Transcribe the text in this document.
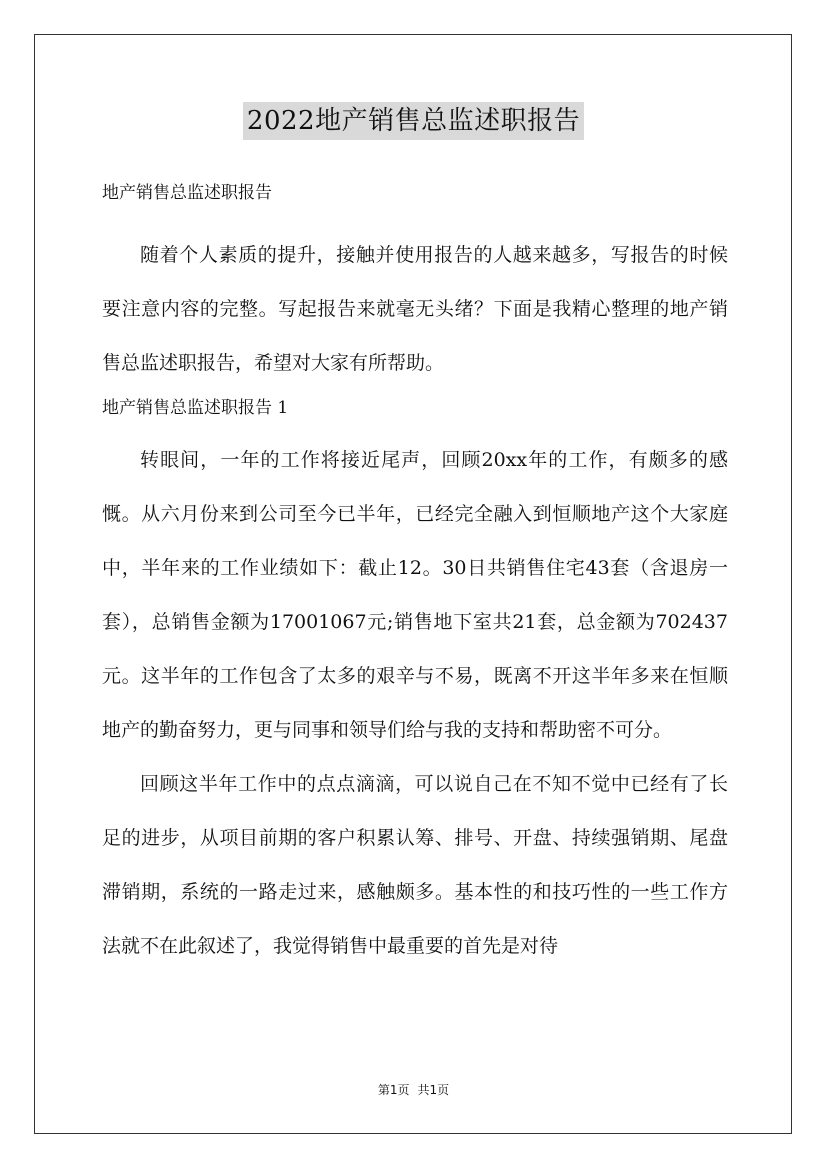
2022地产销售总监述职报告

地产销售总监述职报告

随着个人素质的提升，接触并使用报告的人越来越多，写报告的时候要注意内容的完整。写起报告来就毫无头绪？下面是我精心整理的地产销售总监述职报告，希望对大家有所帮助。

地产销售总监述职报告 1

转眼间，一年的工作将接近尾声，回顾20xx年的工作，有颇多的感慨。从六月份来到公司至今已半年，已经完全融入到恒顺地产这个大家庭中，半年来的工作业绩如下：截止12。30日共销售住宅43套（含退房一套），总销售金额为17001067元;销售地下室共21套，总金额为702437元。这半年的工作包含了太多的艰辛与不易，既离不开这半年多来在恒顺地产的勤奋努力，更与同事和领导们给与我的支持和帮助密不可分。

回顾这半年工作中的点点滴滴，可以说自己在不知不觉中已经有了长足的进步，从项目前期的客户积累认筹、排号、开盘、持续强销期、尾盘滞销期，系统的一路走过来，感触颇多。基本性的和技巧性的一些工作方法就不在此叙述了，我觉得销售中最重要的首先是对待

第1页 共1页
